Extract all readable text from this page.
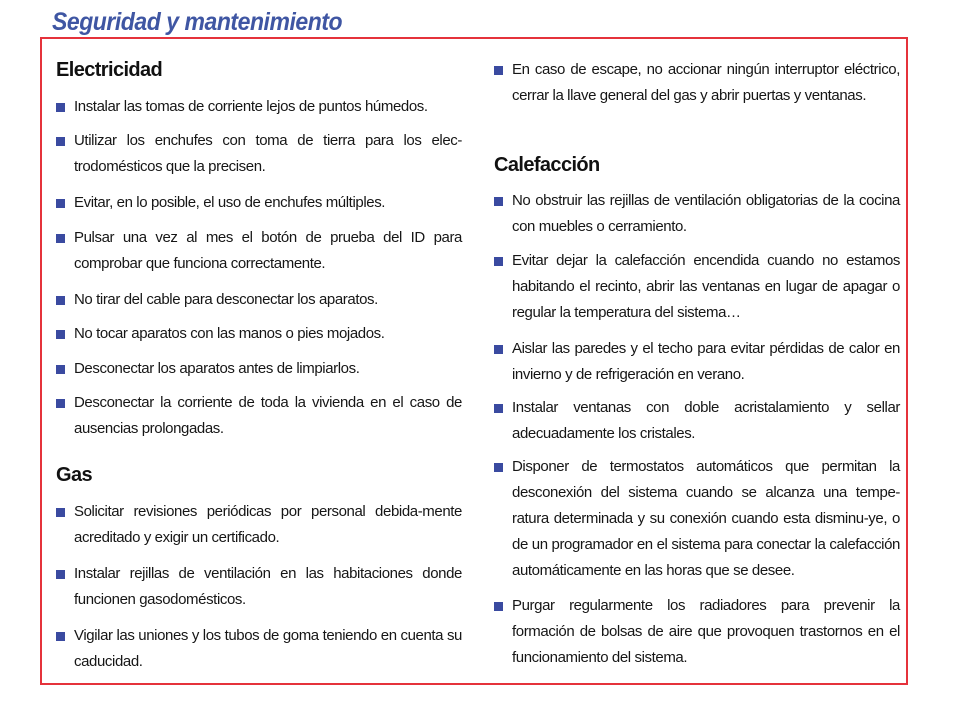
Seguridad y mantenimiento
Electricidad
Instalar las tomas de corriente lejos de puntos húmedos.
Utilizar los enchufes con toma de tierra para los elec-trodomésticos que la precisen.
Evitar, en lo posible, el uso de enchufes múltiples.
Pulsar una vez al mes el botón de prueba del ID para comprobar que funciona correctamente.
No tirar del cable para desconectar los aparatos.
No tocar aparatos con las manos o pies mojados.
Desconectar los aparatos antes de limpiarlos.
Desconectar la corriente de toda la vivienda en el caso de ausencias prolongadas.
Gas
Solicitar revisiones periódicas por personal debida-mente acreditado y exigir un certificado.
Instalar rejillas de ventilación en las habitaciones donde funcionen gasodomésticos.
Vigilar las uniones y los tubos de goma teniendo en cuenta su caducidad.
En caso de escape, no accionar ningún interruptor eléctrico, cerrar la llave general del gas y abrir puertas y ventanas.
Calefacción
No obstruir las rejillas de ventilación obligatorias de la cocina con muebles o cerramiento.
Evitar dejar la calefacción encendida cuando no estamos habitando el recinto, abrir las ventanas en lugar de apagar o regular la temperatura del sistema…
Aislar las paredes y el techo para evitar pérdidas de calor en invierno y de refrigeración en verano.
Instalar ventanas con doble acristalamiento y sellar adecuadamente los cristales.
Disponer de termostatos automáticos que permitan la desconexión del sistema cuando se alcanza una tempe-ratura determinada y su conexión cuando esta disminu-ye, o de un programador en el sistema para conectar la calefacción automáticamente en las horas que se desee.
Purgar regularmente los radiadores para prevenir la formación de bolsas de aire que provoquen trastornos en el funcionamiento del sistema.
